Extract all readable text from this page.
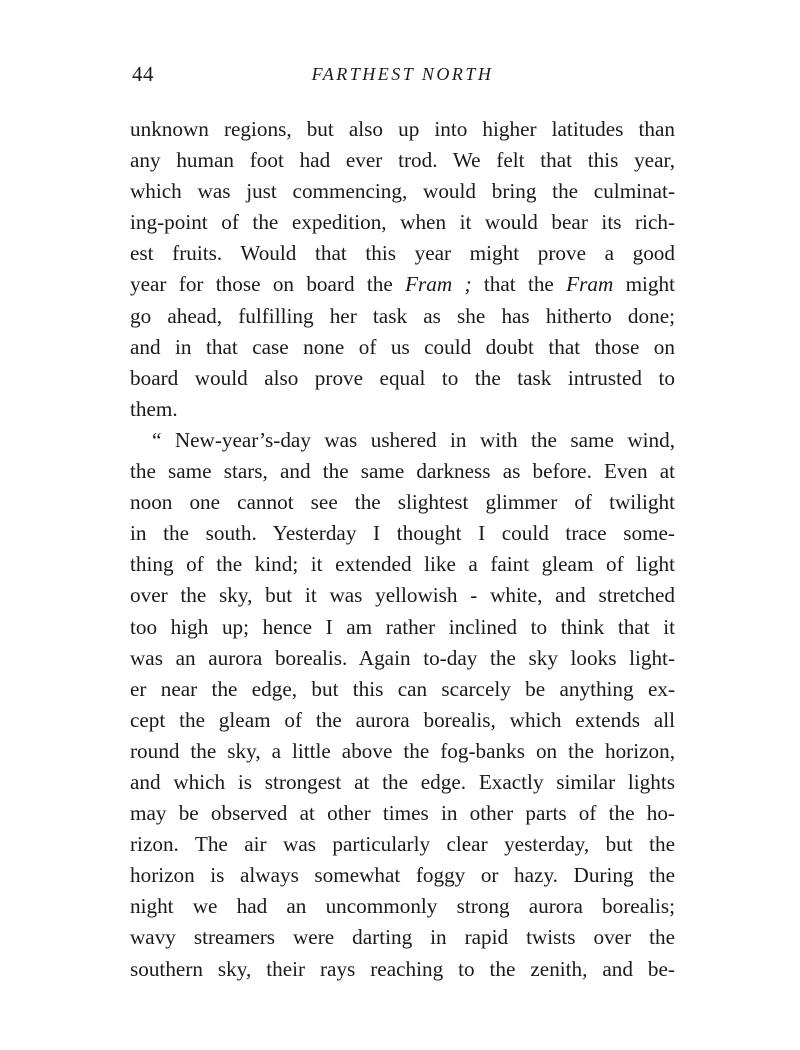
44	FARTHEST NORTH

unknown regions, but also up into higher latitudes than
any human foot had ever trod. We felt that this year,
which was just commencing, would bring the culminat-
ing-point of the expedition, when it would bear its rich-
est fruits. Would that this year might prove a good
year for those on board the Fram ; that the Fram might
go ahead, fulfilling her task as she has hitherto done;
and in that case none of us could doubt that those on
board would also prove equal to the task intrusted to
them.

“ New-year’s-day was ushered in with the same wind,
the same stars, and the same darkness as before. Even at
noon one cannot see the slightest glimmer of twilight
in the south. Yesterday I thought I could trace some-
thing of the kind; it extended like a faint gleam of light
over the sky, but it was yellowish - white, and stretched
too high up; hence I am rather inclined to think that it
was an aurora borealis. Again to-day the sky looks light-
er near the edge, but this can scarcely be anything ex-
cept the gleam of the aurora borealis, which extends all
round the sky, a little above the fog-banks on the horizon,
and which is strongest at the edge. Exactly similar lights
may be observed at other times in other parts of the ho-
rizon. The air was particularly clear yesterday, but the
horizon is always somewhat foggy or hazy. During the
night we had an uncommonly strong aurora borealis;
wavy streamers were darting in rapid twists over the
southern sky, their rays reaching to the zenith, and be-
